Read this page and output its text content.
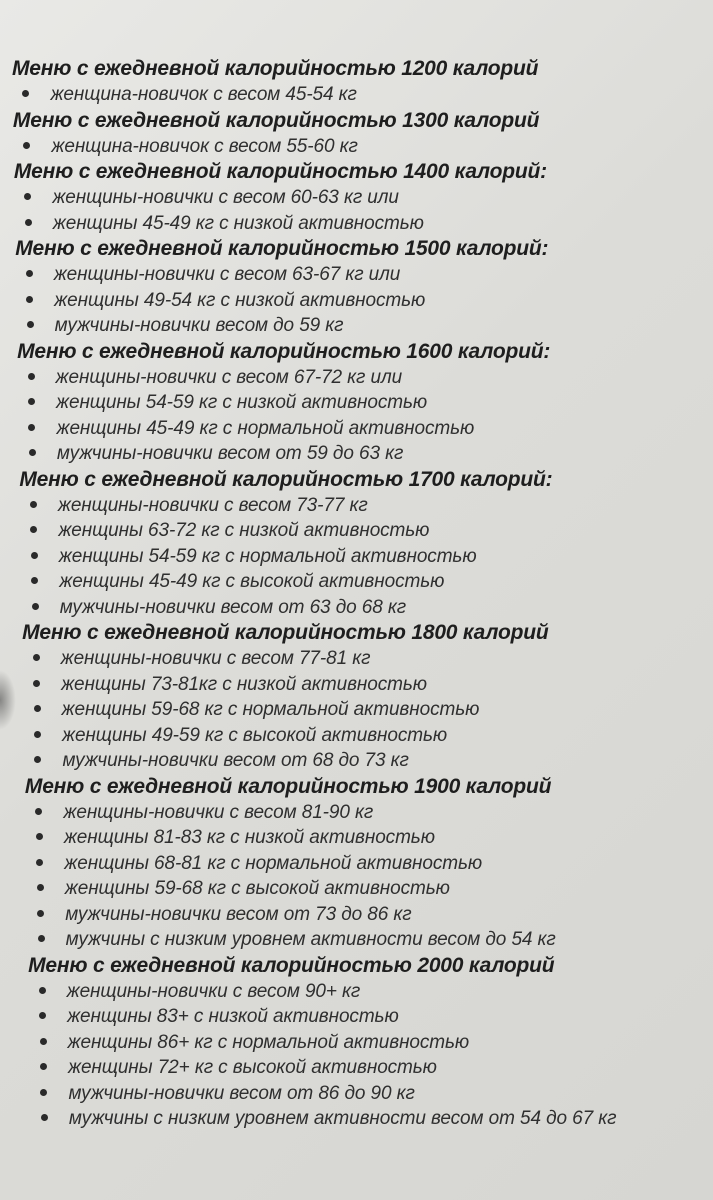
Меню с ежедневной калорийностью 1200 калорий
женщина-новичок с весом 45-54 кг
Меню с ежедневной калорийностью 1300 калорий
женщина-новичок с весом 55-60 кг
Меню с ежедневной калорийностью 1400 калорий:
женщины-новички с весом 60-63 кг или
женщины 45-49 кг с низкой активностью
Меню с ежедневной калорийностью 1500 калорий:
женщины-новички с весом 63-67 кг или
женщины 49-54 кг с низкой активностью
мужчины-новички весом до 59 кг
Меню с ежедневной калорийностью 1600 калорий:
женщины-новички с весом 67-72 кг или
женщины 54-59 кг с низкой активностью
женщины 45-49 кг с нормальной активностью
мужчины-новички весом от 59 до 63 кг
Меню с ежедневной калорийностью 1700 калорий:
женщины-новички с весом 73-77 кг
женщины 63-72 кг с низкой активностью
женщины 54-59 кг с нормальной активностью
женщины 45-49 кг с высокой активностью
мужчины-новички весом от 63 до 68 кг
Меню с ежедневной калорийностью 1800 калорий
женщины-новички с весом 77-81 кг
женщины 73-81кг с низкой активностью
женщины 59-68 кг с нормальной активностью
женщины 49-59 кг с высокой активностью
мужчины-новички весом от 68 до 73 кг
Меню с ежедневной калорийностью 1900 калорий
женщины-новички с весом 81-90 кг
женщины 81-83 кг с низкой активностью
женщины 68-81 кг с нормальной активностью
женщины 59-68 кг с высокой активностью
мужчины-новички весом от 73 до 86 кг
мужчины с низким уровнем активности весом до 54 кг
Меню с ежедневной калорийностью 2000 калорий
женщины-новички с весом 90+ кг
женщины 83+ с низкой активностью
женщины 86+ кг с нормальной активностью
женщины 72+ кг с высокой активностью
мужчины-новички весом от 86 до 90 кг
мужчины с низким уровнем активности весом от 54 до 67 кг
